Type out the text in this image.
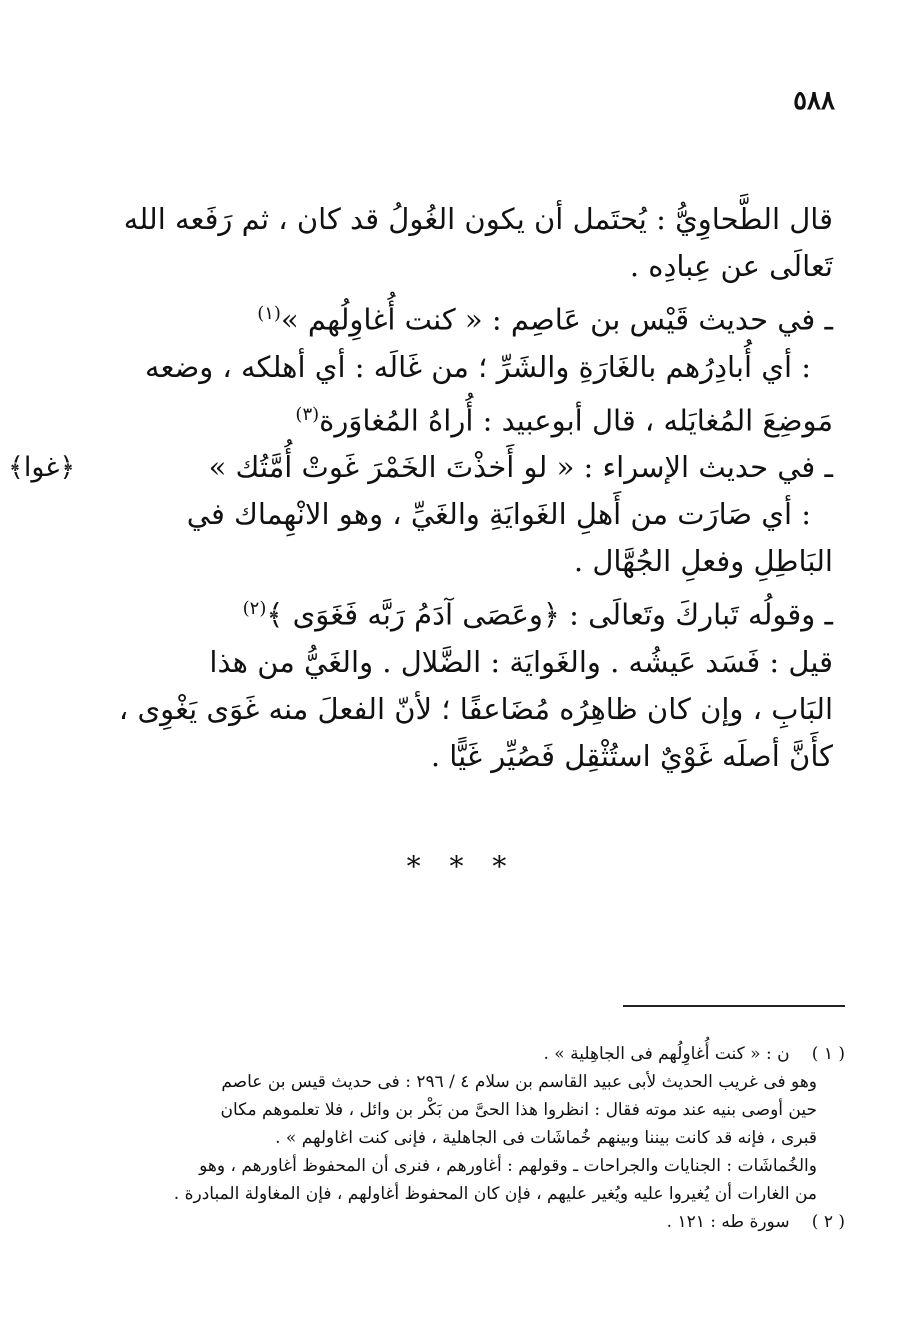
٥٨٨
قال الطَّحاوِيُّ : يُحتَمل أن يكون الغُولُ قد كان ، ثم رَفَعه الله
تَعالَى عن عِبادِه .
ـ في حديث قَيْس بن عَاصِم : « كنت أُغاوِلُهم »$^{(١)}$
: أي أُبادِرُهم بالغَارَةِ والشَرِّ ؛ من غَالَه : أي أهلكه ، وضعه
مَوضِعَ المُغايَله ، قال أبوعبيد : أُراهُ المُغاوَرة$^{(٣)}$
ـ في حديث الإسراء : « لو أَخذْتَ الخَمْرَ غَوتْ أُمَّتُك »
﴿غوا﴾
: أي صَارَت من أَهلِ الغَوايَةِ والغَيِّ ، وهو الانْهِماك في
البَاطِلِ وفعلِ الجُهَّال .
ـ وقولُه تَباركَ وتَعالَى : ﴿وعَصَى آدَمُ رَبَّه فَغَوَى ﴾$^{(٢)}$
قيل : فَسَد عَيشُه . والغَوايَة : الضَّلال . والغَيُّ من هذا
البَابِ ، وإن كان ظاهِرُه مُضَاعفًا ؛ لأنّ الفعلَ منه غَوَى يَغْوِى ،
كأَنَّ أصلَه غَوْيٌ استُثْقِل فَصُيِّر غَيًّا .
* * *
( ١ ) ن : « كنت أُغاوِلُهم فى الجاهِلية » .
وهو فى غريب الحديث لأبى عبيد القاسم بن سلام ٤ / ٢٩٦ : فى حديث قيس بن عاصم
حين أوصى بنيه عند موته فقال : انظروا هذا الحىَّ من بَكْر بن وائل ، فلا تعلموهم مكان
قبرى ، فإنه قد كانت بيننا وبينهم خُماشَات فى الجاهلية ، فإنى كنت اغاولهم » .
والخُماشَات : الجنايات والجراحات ـ وقولهم : أغاورهم ، فنرى أن المحفوظ أغاورهم ، وهو
من الغارات أن يُغيروا عليه ويُغير عليهم ، فإن كان المحفوظ أغاولهم ، فإن المغاولة المبادرة .
( ٢ ) سورة طه : ١٢١ .
